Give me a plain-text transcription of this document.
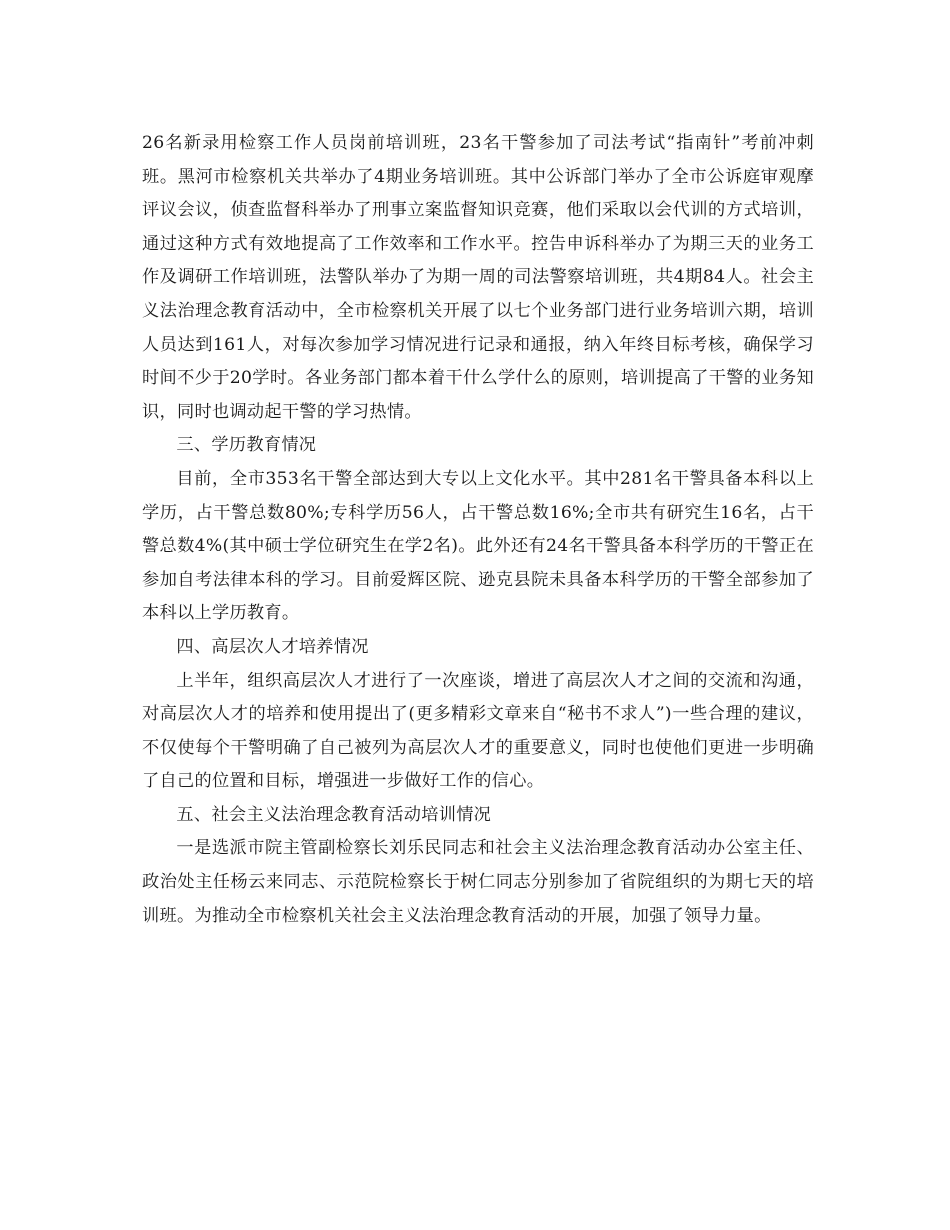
26名新录用检察工作人员岗前培训班，23名干警参加了司法考试“指南针”考前冲刺班。黑河市检察机关共举办了4期业务培训班。其中公诉部门举办了全市公诉庭审观摩评议会议，侦查监督科举办了刑事立案监督知识竞赛，他们采取以会代训的方式培训，通过这种方式有效地提高了工作效率和工作水平。控告申诉科举办了为期三天的业务工作及调研工作培训班，法警队举办了为期一周的司法警察培训班，共4期84人。社会主义法治理念教育活动中，全市检察机关开展了以七个业务部门进行业务培训六期，培训人员达到161人，对每次参加学习情况进行记录和通报，纳入年终目标考核，确保学习时间不少于20学时。各业务部门都本着干什么学什么的原则，培训提高了干警的业务知识，同时也调动起干警的学习热情。

三、学历教育情况

目前，全市353名干警全部达到大专以上文化水平。其中281名干警具备本科以上学历，占干警总数80%;专科学历56人，占干警总数16%;全市共有研究生16名，占干警总数4%(其中硕士学位研究生在学2名)。此外还有24名干警具备本科学历的干警正在参加自考法律本科的学习。目前爱辉区院、逊克县院未具备本科学历的干警全部参加了本科以上学历教育。

四、高层次人才培养情况

上半年，组织高层次人才进行了一次座谈，增进了高层次人才之间的交流和沟通，对高层次人才的培养和使用提出了(更多精彩文章来自“秘书不求人”)一些合理的建议，不仅使每个干警明确了自己被列为高层次人才的重要意义，同时也使他们更进一步明确了自己的位置和目标，增强进一步做好工作的信心。

五、社会主义法治理念教育活动培训情况

一是选派市院主管副检察长刘乐民同志和社会主义法治理念教育活动办公室主任、政治处主任杨云来同志、示范院检察长于树仁同志分别参加了省院组织的为期七天的培训班。为推动全市检察机关社会主义法治理念教育活动的开展，加强了领导力量。
